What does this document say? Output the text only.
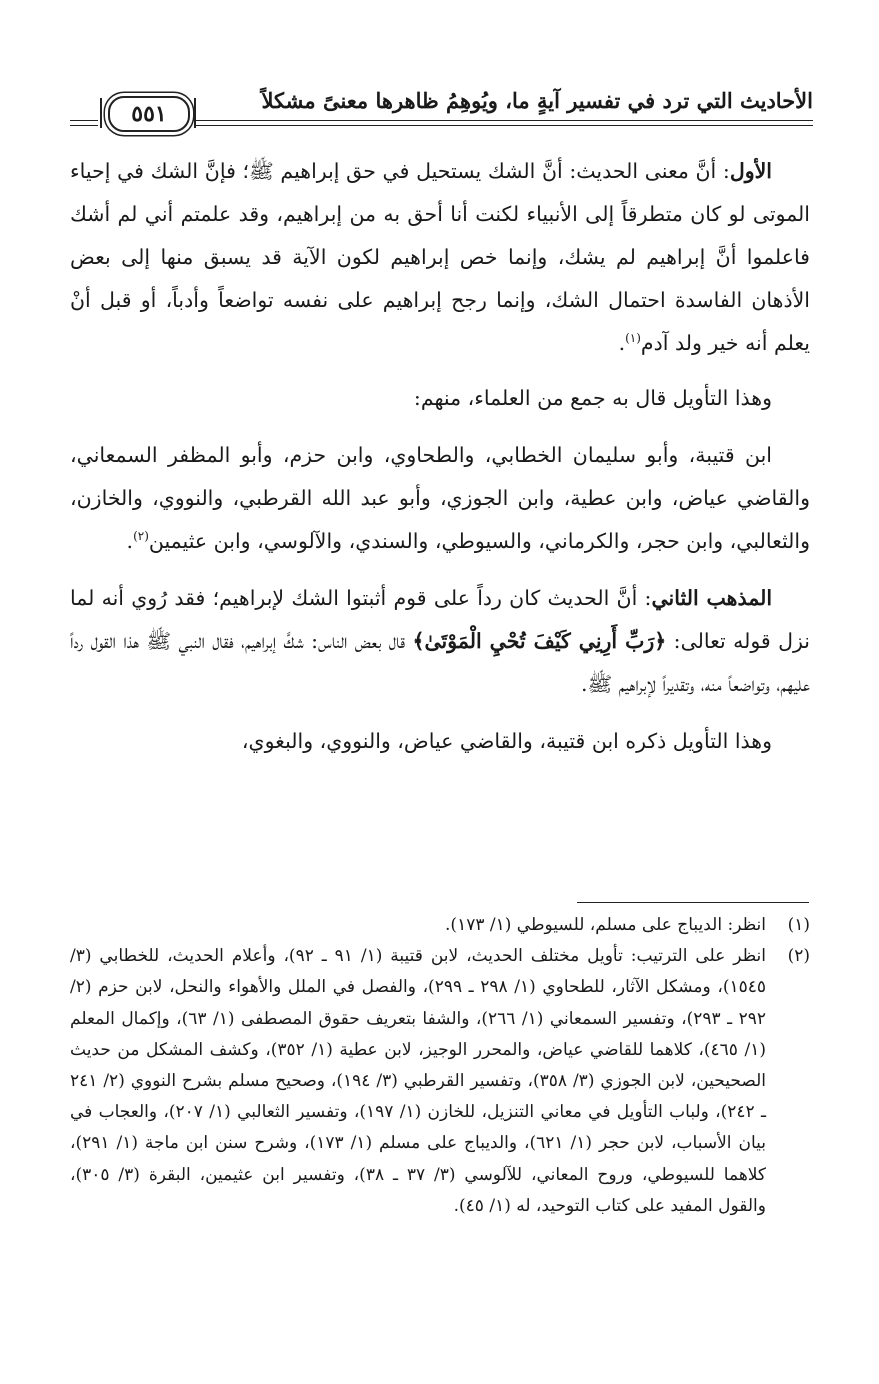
الأحاديث التي ترد في تفسير آيةٍ ما، ويُوهِمُ ظاهرها معنىً مشكلاً
٥٥١

الأول: أنَّ معنى الحديث: أنَّ الشك يستحيل في حق إبراهيم ﷺ؛ فإنَّ الشك في إحياء الموتى لو كان متطرقاً إلى الأنبياء لكنت أنا أحق به من إبراهيم، وقد علمتم أني لم أشك فاعلموا أنَّ إبراهيم لم يشك، وإنما خص إبراهيم لكون الآية قد يسبق منها إلى بعض الأذهان الفاسدة احتمال الشك، وإنما رجح إبراهيم على نفسه تواضعاً وأدباً، أو قبل أنْ يعلم أنه خير ولد آدم$^{(١)}$.

وهذا التأويل قال به جمع من العلماء، منهم:

ابن قتيبة، وأبو سليمان الخطابي، والطحاوي، وابن حزم، وأبو المظفر السمعاني، والقاضي عياض، وابن عطية، وابن الجوزي، وأبو عبد الله القرطبي، والنووي، والخازن، والثعالبي، وابن حجر، والكرماني، والسيوطي، والسندي، والآلوسي، وابن عثيمين$^{(٢)}$.

المذهب الثاني: أنَّ الحديث كان رداً على قوم أثبتوا الشك لإبراهيم؛ فقد رُوي أنه لما نزل قوله تعالى: ﴿رَبِّ أَرِنِي كَيْفَ تُحْيِ الْمَوْتَىٰ﴾ قال بعض الناس: شكَّ إبراهيم، فقال النبي ﷺ هذا القول رداً عليهم، وتواضعاً منه، وتقديراً لإبراهيم ﷺ.

وهذا التأويل ذكره ابن قتيبة، والقاضي عياض، والنووي، والبغوي،

(١)
انظر: الديباج على مسلم، للسيوطي (١/ ١٧٣).

(٢)
انظر على الترتيب: تأويل مختلف الحديث، لابن قتيبة (١/ ٩١ ـ ٩٢)، وأعلام الحديث، للخطابي (٣/ ١٥٤٥)، ومشكل الآثار، للطحاوي (١/ ٢٩٨ ـ ٢٩٩)، والفصل في الملل والأهواء والنحل، لابن حزم (٢/ ٢٩٢ ـ ٢٩٣)، وتفسير السمعاني (١/ ٢٦٦)، والشفا بتعريف حقوق المصطفى (١/ ٦٣)، وإكمال المعلم (١/ ٤٦٥)، كلاهما للقاضي عياض، والمحرر الوجيز، لابن عطية (١/ ٣٥٢)، وكشف المشكل من حديث الصحيحين، لابن الجوزي (٣/ ٣٥٨)، وتفسير القرطبي (٣/ ١٩٤)، وصحيح مسلم بشرح النووي (٢/ ٢٤١ ـ ٢٤٢)، ولباب التأويل في معاني التنزيل، للخازن (١/ ١٩٧)، وتفسير الثعالبي (١/ ٢٠٧)، والعجاب في بيان الأسباب، لابن حجر (١/ ٦٢١)، والديباج على مسلم (١/ ١٧٣)، وشرح سنن ابن ماجة (١/ ٢٩١)، كلاهما للسيوطي، وروح المعاني، للآلوسي (٣/ ٣٧ ـ ٣٨)، وتفسير ابن عثيمين، البقرة (٣/ ٣٠٥)، والقول المفيد على كتاب التوحيد، له (١/ ٤٥).
